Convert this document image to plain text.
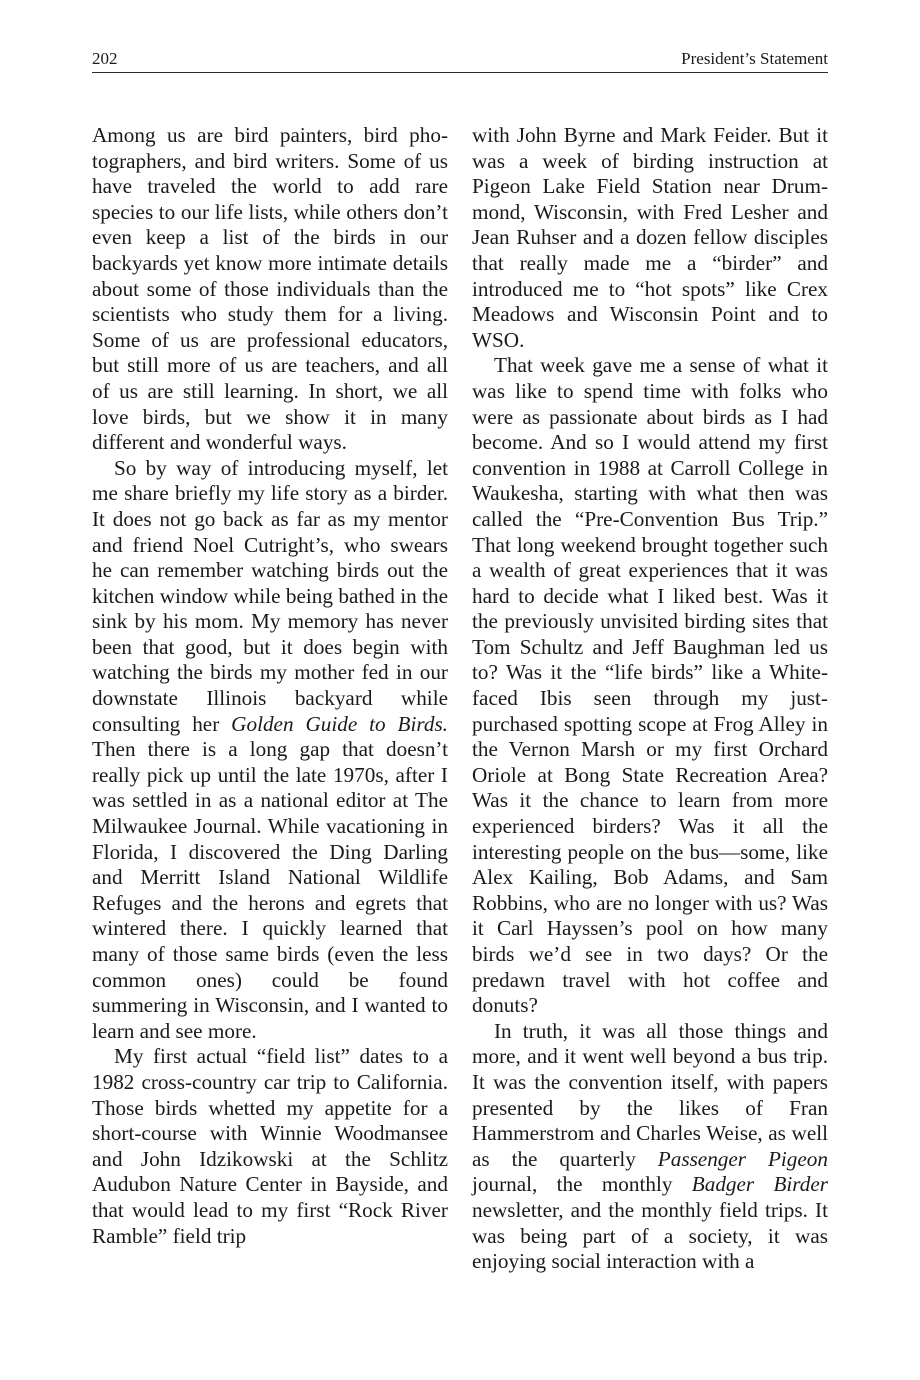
202	President’s Statement

Among us are bird painters, bird photographers, and bird writers. Some of us have traveled the world to add rare species to our life lists, while others don’t even keep a list of the birds in our backyards yet know more intimate details about some of those individuals than the scientists who study them for a living. Some of us are professional educators, but still more of us are teachers, and all of us are still learning. In short, we all love birds, but we show it in many different and wonderful ways.

So by way of introducing myself, let me share briefly my life story as a birder. It does not go back as far as my mentor and friend Noel Cutright’s, who swears he can remember watching birds out the kitchen window while being bathed in the sink by his mom. My memory has never been that good, but it does begin with watching the birds my mother fed in our downstate Illinois backyard while consulting her Golden Guide to Birds. Then there is a long gap that doesn’t really pick up until the late 1970s, after I was settled in as a national editor at The Milwaukee Journal. While vacationing in Florida, I discovered the Ding Darling and Merritt Island National Wildlife Refuges and the herons and egrets that wintered there. I quickly learned that many of those same birds (even the less common ones) could be found summering in Wisconsin, and I wanted to learn and see more.

My first actual “field list” dates to a 1982 cross-country car trip to California. Those birds whetted my appetite for a short-course with Winnie Woodmansee and John Idzikowski at the Schlitz Audubon Nature Center in Bayside, and that would lead to my first “Rock River Ramble” field trip

with John Byrne and Mark Feider. But it was a week of birding instruction at Pigeon Lake Field Station near Drummond, Wisconsin, with Fred Lesher and Jean Ruhser and a dozen fellow disciples that really made me a “birder” and introduced me to “hot spots” like Crex Meadows and Wisconsin Point and to WSO.

That week gave me a sense of what it was like to spend time with folks who were as passionate about birds as I had become. And so I would attend my first convention in 1988 at Carroll College in Waukesha, starting with what then was called the “Pre-Convention Bus Trip.” That long weekend brought together such a wealth of great experiences that it was hard to decide what I liked best. Was it the previously unvisited birding sites that Tom Schultz and Jeff Baughman led us to? Was it the “life birds” like a White-faced Ibis seen through my just-purchased spotting scope at Frog Alley in the Vernon Marsh or my first Orchard Oriole at Bong State Recreation Area? Was it the chance to learn from more experienced birders? Was it all the interesting people on the bus—some, like Alex Kailing, Bob Adams, and Sam Robbins, who are no longer with us? Was it Carl Hayssen’s pool on how many birds we’d see in two days? Or the predawn travel with hot coffee and donuts?

In truth, it was all those things and more, and it went well beyond a bus trip. It was the convention itself, with papers presented by the likes of Fran Hammerstrom and Charles Weise, as well as the quarterly Passenger Pigeon journal, the monthly Badger Birder newsletter, and the monthly field trips. It was being part of a society, it was enjoying social interaction with a
